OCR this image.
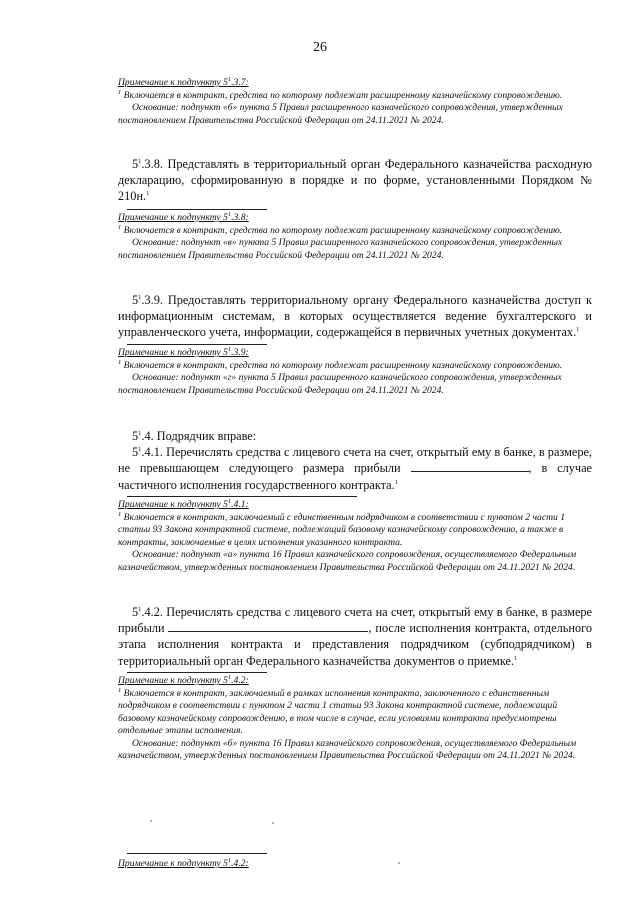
26

Примечание к подпункту $5^1.3.7$:

$^1$ Включается в контракт, средства по которому подлежат расширенному казначейскому сопровождению.

Основание: подпункт «б» пункта 5 Правил расширенного казначейского сопровождения, утвержденных постановлением Правительства Российской Федерации от 24.11.2021 № 2024.

$5^1.3.8$. Представлять в территориальный орган Федерального казначейства расходную декларацию, сформированную в порядке и по форме, установленными Порядком № 210н.$^1$

Примечание к подпункту $5^1.3.8$:

$^1$ Включается в контракт, средства по которому подлежат расширенному казначейскому сопровождению.

Основание: подпункт «в» пункта 5 Правил расширенного казначейского сопровождения, утвержденных постановлением Правительства Российской Федерации от 24.11.2021 № 2024.

$5^1.3.9$. Предоставлять территориальному органу Федерального казначейства доступ к информационным системам, в которых осуществляется ведение бухгалтерского и управленческого учета, информации, содержащейся в первичных учетных документах.$^1$

Примечание к подпункту $5^1.3.9$:

$^1$ Включается в контракт, средства по которому подлежат расширенному казначейскому сопровождению.

Основание: подпункт «г» пункта 5 Правил расширенного казначейского сопровождения, утвержденных постановлением Правительства Российской Федерации от 24.11.2021 № 2024.

$5^1.4$. Подрядчик вправе:

$5^1.4.1$. Перечислять средства с лицевого счета на счет, открытый ему в банке, в размере, не превышающем следующего размера прибыли	, в случае частичного исполнения государственного контракта.$^1$

Примечание к подпункту $5^1.4.1$:

$^1$ Включается в контракт, заключаемый с единственным подрядчиком в соответствии с пунктом 2 части 1 статьи 93 Закона контрактной системе, подлежащий базовому казначейскому сопровождению, а также в контракты, заключаемые в целях исполнения указанного контракта.

Основание: подпункт «а» пункта 16 Правил казначейского сопровождения, осуществляемого Федеральным казначейством, утвержденных постановлением Правительства Российской Федерации от 24.11.2021 № 2024.

$5^1.4.2$. Перечислять средства с лицевого счета на счет, открытый ему в банке, в размере прибыли	, после исполнения контракта, отдельного этапа исполнения контракта и представления подрядчиком (субподрядчиком) в территориальный орган Федерального казначейства документов о приемке.$^1$

Примечание к подпункту $5^1.4.2$:

$^1$ Включается в контракт, заключаемый в рамках исполнения контракта, заключенного с единственным подрядчиком в соответствии с пунктом 2 части 1 статьи 93 Закона контрактной системе, подлежащий базовому казначейскому сопровождению, в том числе в случае, если условиями контракта предусмотрены отдельные этапы исполнения.

Основание: подпункт «б» пункта 16 Правил казначейского сопровождения, осуществляемого Федеральным казначейством, утвержденных постановлением Правительства Российской Федерации от 24.11.2021 № 2024.

Примечание к подпункту $5^1.4.2$:
